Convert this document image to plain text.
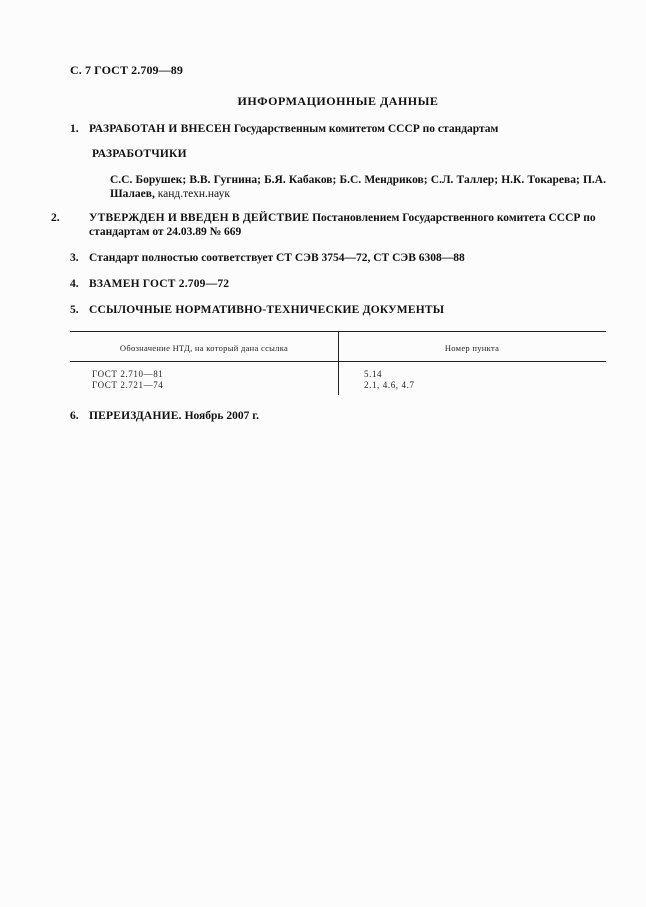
С. 7 ГОСТ 2.709—89
ИНФОРМАЦИОННЫЕ ДАННЫЕ
1. РАЗРАБОТАН И ВНЕСЕН Государственным комитетом СССР по стандартам
РАЗРАБОТЧИКИ
С.С. Борушек; В.В. Гугнина; Б.Я. Кабаков; Б.С. Мендриков; С.Л. Таллер; Н.К. Токарева; П.А. Шалаев, канд.техн.наук
2.	УТВЕРЖДЕН И ВВЕДЕН В ДЕЙСТВИЕ Постановлением Государственного комитета СССР по стандартам от 24.03.89 № 669
3. Стандарт полностью соответствует СТ СЭВ 3754—72, СТ СЭВ 6308—88
4. ВЗАМЕН ГОСТ 2.709—72
5. ССЫЛОЧНЫЕ НОРМАТИВНО-ТЕХНИЧЕСКИЕ ДОКУМЕНТЫ
Обозначение НТД, на который дана ссылка	Номер пункта
ГОСТ 2.710—81	5.14
ГОСТ 2.721—74	2.1, 4.6, 4.7
6. ПЕРЕИЗДАНИЕ. Ноябрь 2007 г.
